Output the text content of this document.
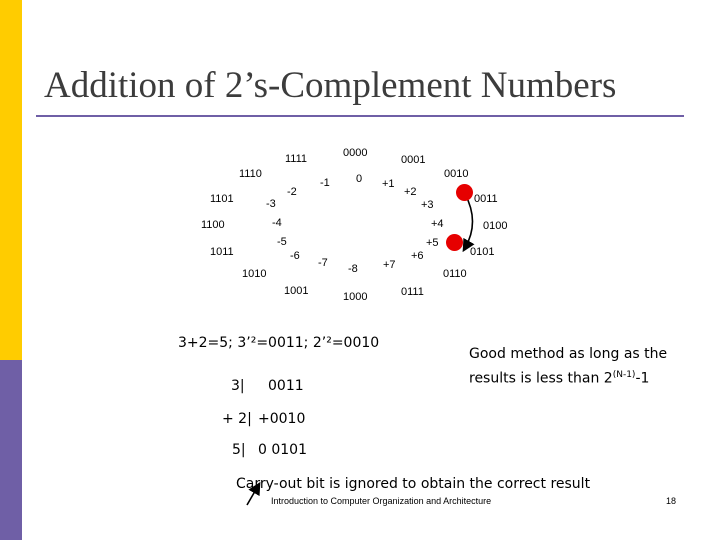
Addition of 2’s-Complement Numbers
0000
0001
0010
0011
0100
0101
0110
0111
1000
1001
1010
1011
1100
1101
1110
1111
0 +1
+2
+3
+4
+5
+6
+7
-8
-7
-6
-5
-4
-3
-2
-1
3+2=5; 3’²=0011; 2’²=0010
3| 0011
+ 2| +0010
5| 0 0101
Carry-out bit is ignored to obtain the correct result
Good method as long as the
results is less than $2^{(N-1)}-1$
Introduction to Computer Organization and Architecture	18
